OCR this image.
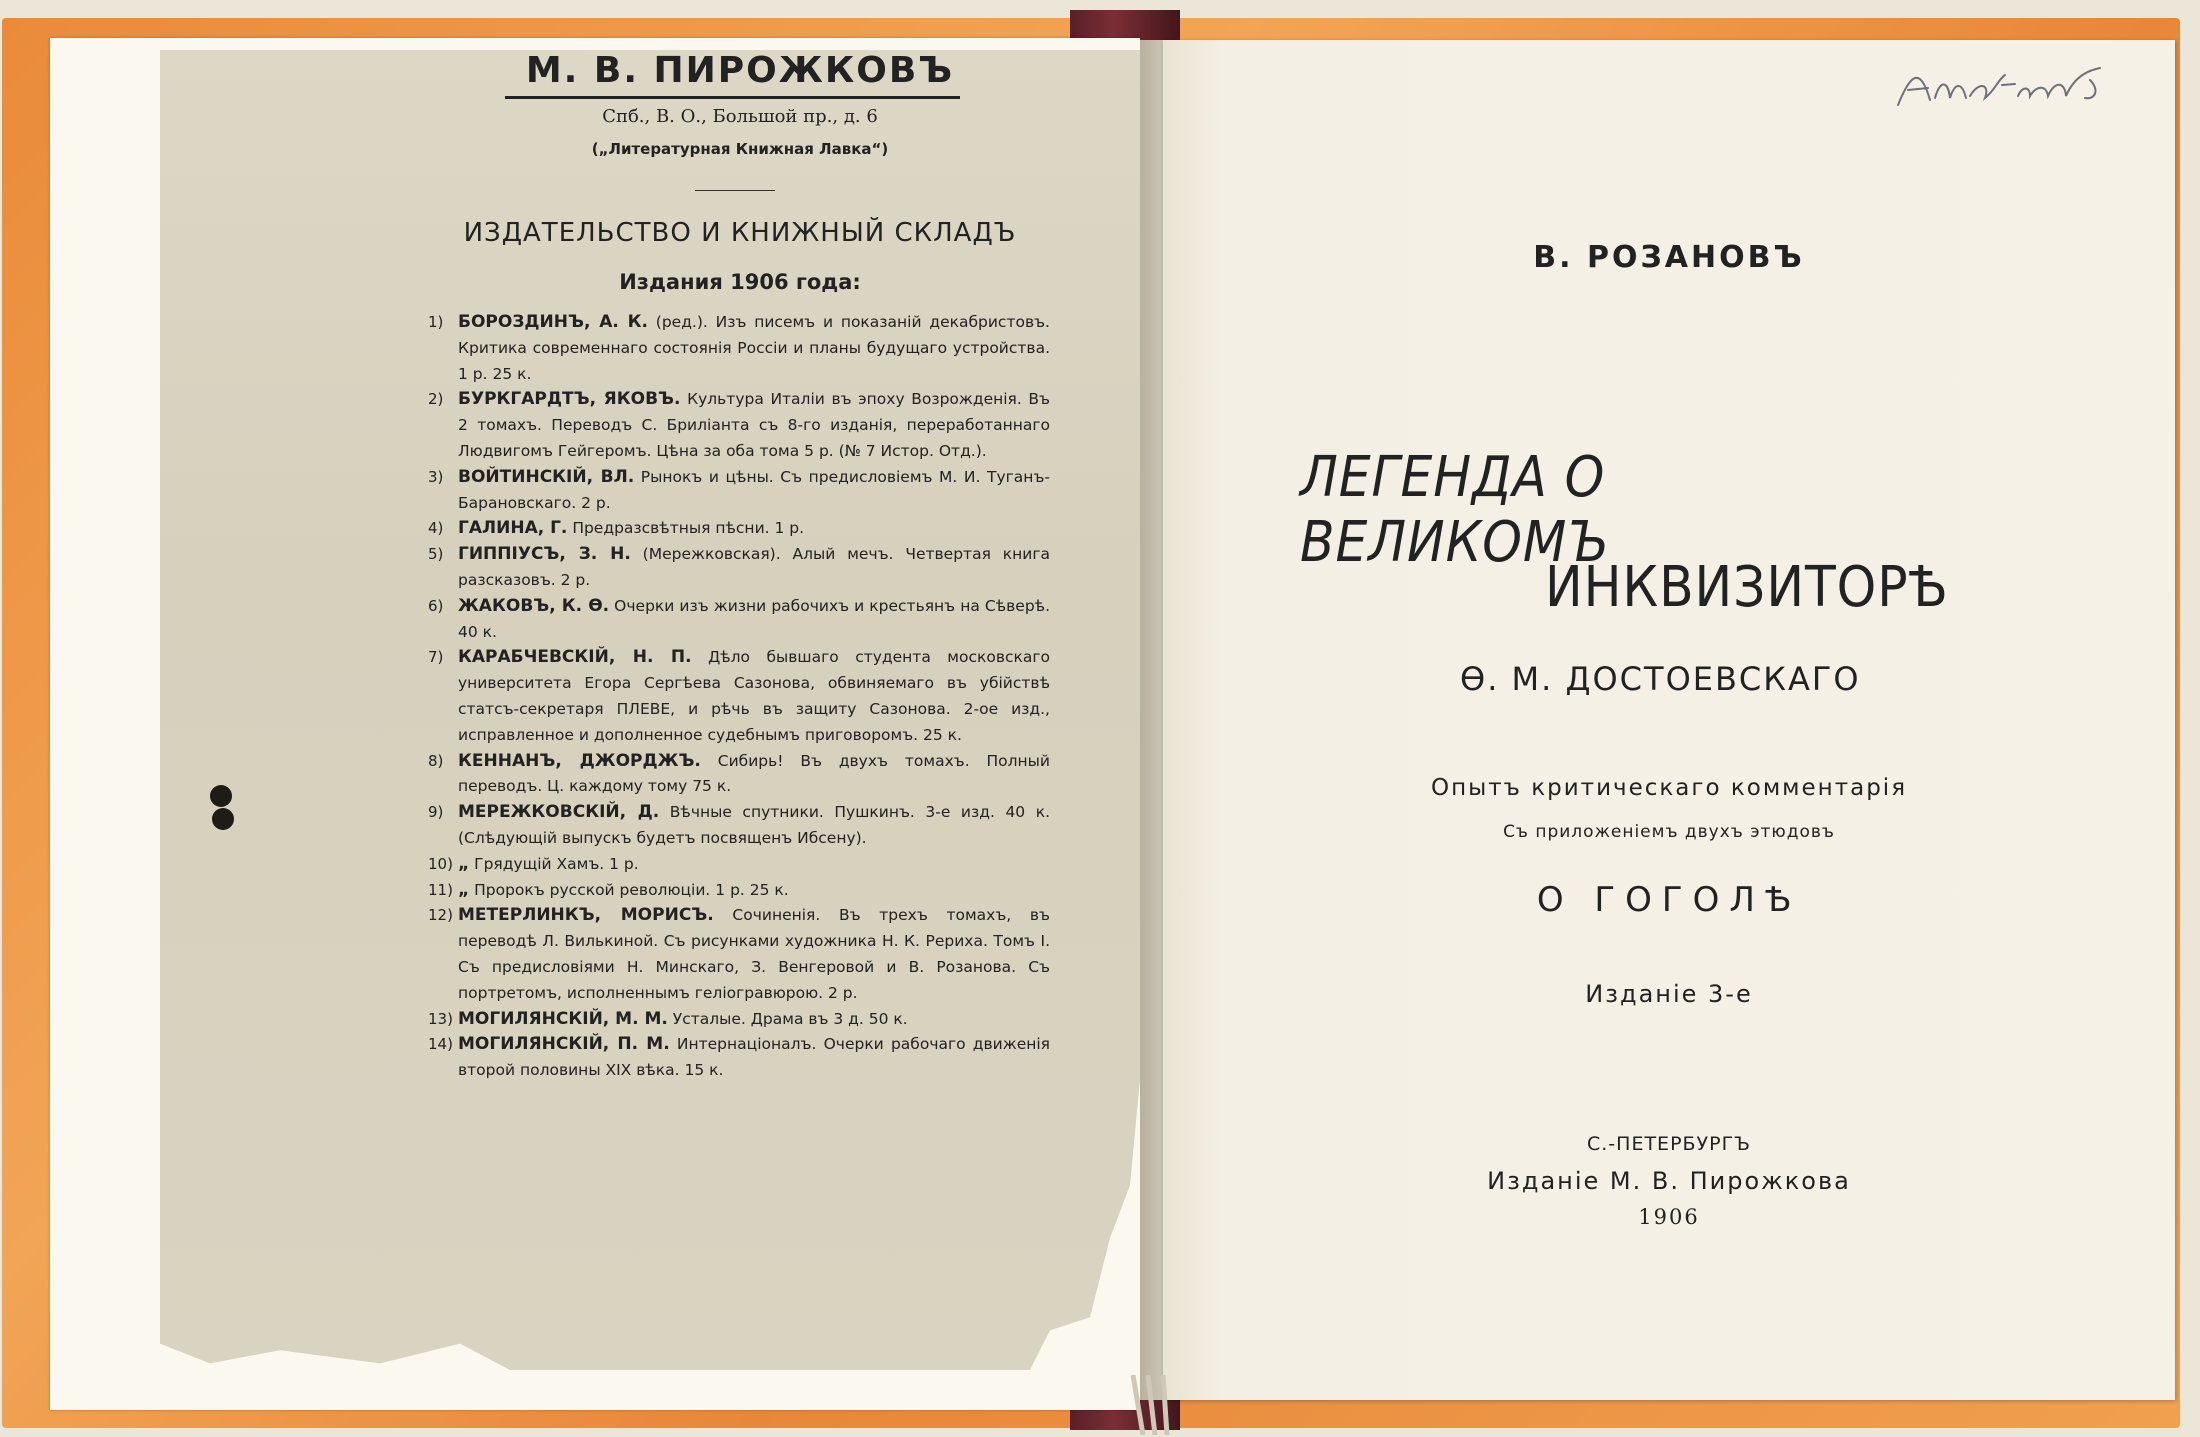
М. В. ПИРОЖКОВЪ
Спб., В. О., Большой пр., д. 6
(„Литературная Книжная Лавка“)
ИЗДАТЕЛЬСТВО И КНИЖНЫЙ СКЛАДЪ
Издания 1906 года:
1) БОРОЗДИНЪ, А. К. (ред.). Изъ писемъ и показаній декабристовъ. Критика современнаго состоянія Россіи и планы будущаго устройства. 1 р. 25 к.
2) БУРКГАРДТЪ, ЯКОВЪ. Культура Италіи въ эпоху Возрожденія. Въ 2 томахъ. Переводъ С. Бриліанта съ 8-го изданія, переработаннаго Людвигомъ Гейгеромъ. Цѣна за оба тома 5 р. (№ 7 Истор. Отд.).
3) ВОЙТИНСКІЙ, ВЛ. Рынокъ и цѣны. Съ предисловіемъ М. И. Туганъ-Барановскаго. 2 р.
4) ГАЛИНА, Г. Предразсвѣтныя пѣсни. 1 р.
5) ГИППІУСЪ, З. Н. (Мережковская). Алый мечъ. Четвертая книга разсказовъ. 2 р.
6) ЖАКОВЪ, К. Ѳ. Очерки изъ жизни рабочихъ и крестьянъ на Сѣверѣ. 40 к.
7) КАРАБЧЕВСКІЙ, Н. П. Дѣло бывшаго студента московскаго университета Егора Сергѣева Сазонова, обвиняемаго въ убійствѣ статсъ-секретаря ПЛЕВЕ, и рѣчь въ защиту Сазонова. 2-ое изд., исправленное и дополненное судебнымъ приговоромъ. 25 к.
8) КЕННАНЪ, ДЖОРДЖЪ. Сибирь! Въ двухъ томахъ. Полный переводъ. Ц. каждому тому 75 к.
9) МЕРЕЖКОВСКІЙ, Д. Вѣчные спутники. Пушкинъ. 3-е изд. 40 к. (Слѣдующій выпускъ будетъ посвященъ Ибсену).
10) „ Грядущій Хамъ. 1 р.
11) „ Пророкъ русской революціи. 1 р. 25 к.
12) МЕТЕРЛИНКЪ, МОРИСЪ. Сочиненія. Въ трехъ томахъ, въ переводѣ Л. Вилькиной. Съ рисунками художника Н. К. Рериха. Томъ I. Съ предисловіями Н. Минскаго, З. Венгеровой и В. Розанова. Съ портретомъ, исполненнымъ геліогравюрою. 2 р.
13) МОГИЛЯНСКІЙ, М. М. Усталые. Драма въ 3 д. 50 к.
14) МОГИЛЯНСКІЙ, П. М. Интернаціоналъ. Очерки рабочаго движенія второй половины XIX вѣка. 15 к.
В. РОЗАНОВЪ
ЛЕГЕНДА О ВЕЛИКОМЪ
ИНКВИЗИТОРѢ
Ѳ. М. ДОСТОЕВСКАГО
Опытъ критическаго комментарія
Съ приложеніемъ двухъ этюдовъ
О ГОГОЛѢ
Изданіе 3-е
С.-ПЕТЕРБУРГЪ
Изданіе М. В. Пирожкова
1906
